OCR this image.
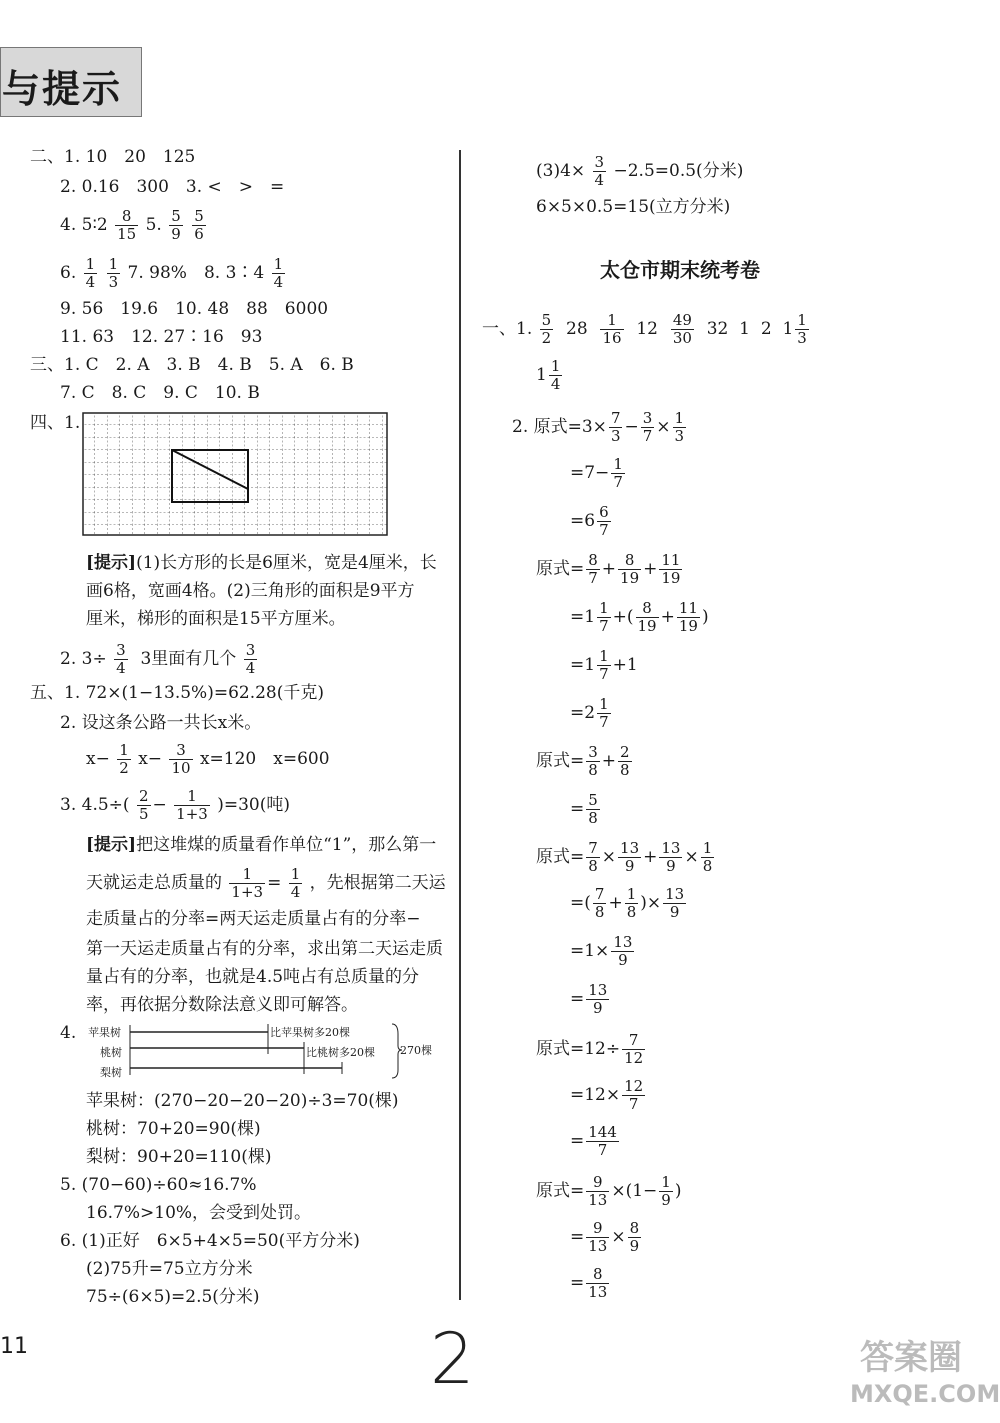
与提示
二、1. 10　20　125
2. 0.16　300　3. <　>　=
4. 5∶2 $\frac{8}{15} 5$. $\frac{5}{9}$
$\frac{5}{6}$
6. $\frac{1}{4}$
$\frac{1}{3} 7$. 98%　8. 3∶4 $\frac{1}{4}$
9. 56　19.6　10. 48　88　6000
11. 63　12. 27∶16　93
三、1. C　2. A　3. B　4. B　5. A　6. B
7. C　8. C　9. C　10. B
四、1.
[提示](1)长方形的长是6厘米，宽是4厘米，长
画6格，宽画4格。(2)三角形的面积是9平方
厘米，梯形的面积是15平方厘米。
2. $3\div \frac{3}{4} 3$里面有几个 $\frac{3}{4}$
五、1. 72×(1−13.5%)=62.28(千克)
2. 设这条公路一共长x米。
$x- \frac{1}{2} x- \frac{3}{10} x=120$　x=600
3. $4.5\div( \frac{2}{5} - \frac{1}{1+3} )=30$(吨)
[提示]把这堆煤的质量看作单位“1”，那么第一
天就运走总质量的 $\frac{1}{1+3} = \frac{1}{4}$ ，先根据第二天运
走质量占的分率=两天运走质量占有的分率−
第一天运走质量占有的分率，求出第二天运走质
量占有的分率，也就是4.5吨占有总质量的分
率，再依据分数除法意义即可解答。
4. 苹果树
桃树
梨树
比苹果树多20棵
比桃树多20棵 270棵
苹果树：(270−20−20−20)÷3=70(棵)
桃树：70+20=90(棵)
梨树：90+20=110(棵)
5. (70−60)÷60≈16.7%
16.7%>10%，会受到处罚。
6. (1)正好　6×5+4×5=50(平方分米)
(2)75升=75立方分米
75÷(6×5)=2.5(分米)
$(3)4\times \frac{3}{4} -2.5=0.5$(分米)
6×5×0.5=15(立方分米)
太仓市期末统考卷
一、1. $\frac{5}{2} 28 \frac{1}{16} 12 \frac{49}{30} 32$ 1 2 $1 \frac{1}{3}$
$1 \frac{1}{4}$
2. 原式$=3\times \frac{7}{3} - \frac{3}{7} \times \frac{1}{3}$
$=7- \frac{1}{7}$
$=6 \frac{6}{7}$
原式= $\frac{8}{7} + \frac{8}{19} + \frac{11}{19}$
$=1 \frac{1}{7}$ +( $\frac{8}{19} + \frac{11}{19}$ )
$=1 \frac{1}{7} +1$
$=2 \frac{1}{7}$
原式= $\frac{3}{8} + \frac{2}{8}$
= $\frac{5}{8}$
原式= $\frac{7}{8} \times \frac{13}{9} + \frac{13}{9} \times \frac{1}{8}$
=( $\frac{7}{8} + \frac{1}{8}$ )× $\frac{13}{9}$
$=1\times \frac{13}{9}$
= $\frac{13}{9}$
原式$=12\div \frac{7}{12}$
$=12\times \frac{12}{7}$
= $\frac{144}{7}$
原式= $\frac{9}{13} \times(1- \frac{1}{9}$ )
= $\frac{9}{13} \times \frac{8}{9}$
= $\frac{8}{13}$
11	2	答案圈
MXQE.COM
